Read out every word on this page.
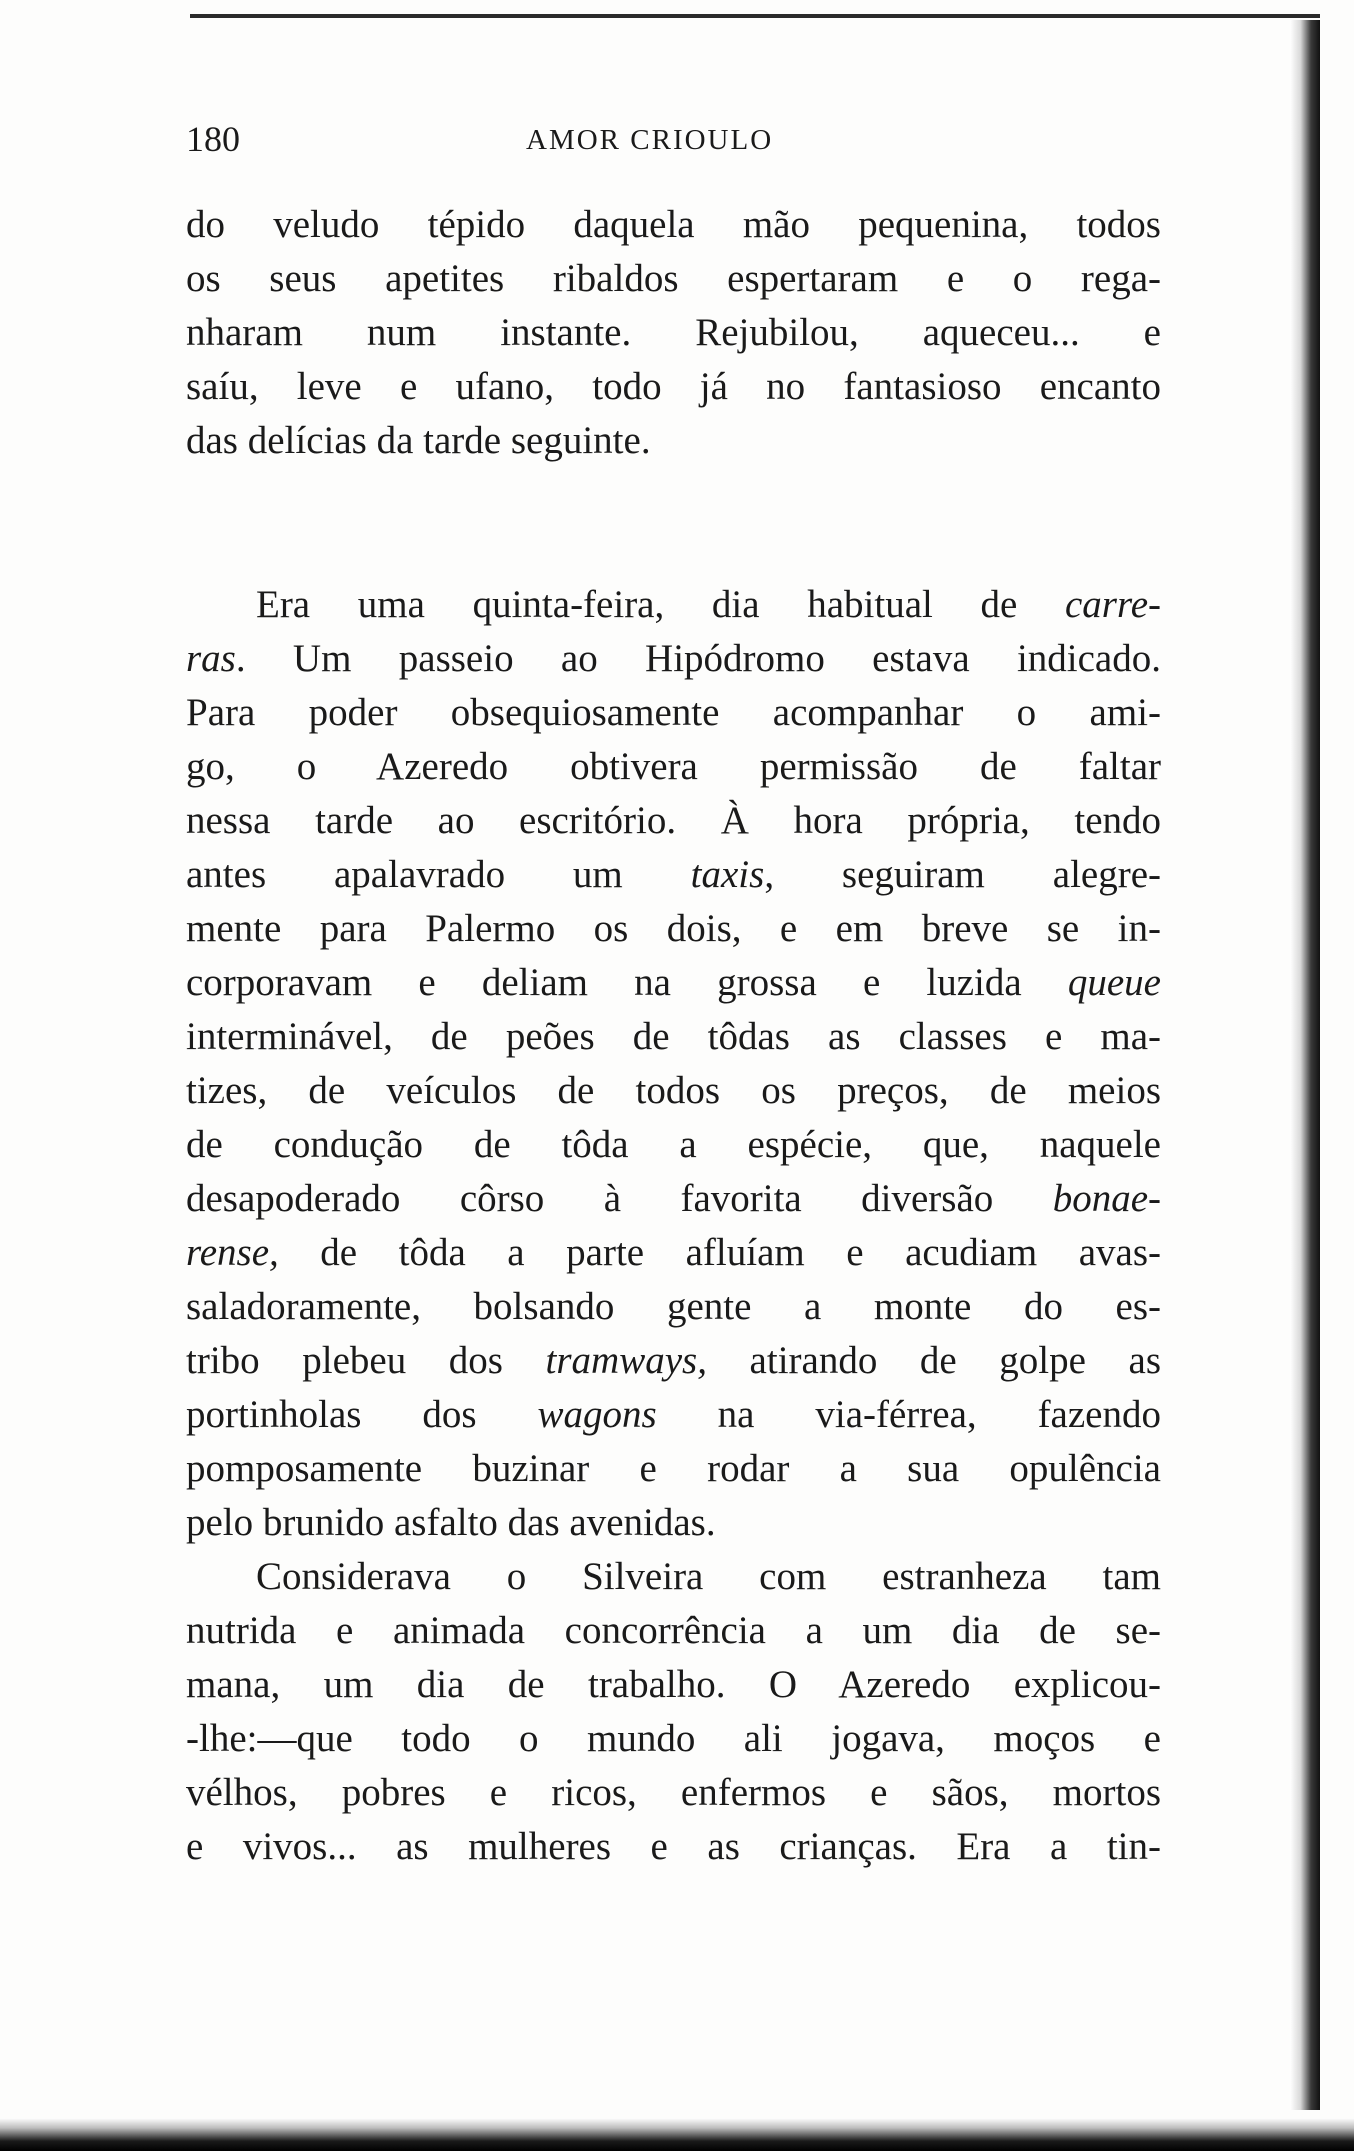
180	AMOR CRIOULO
do veludo tépido daquela mão pequenina, todos
os seus apetites ribaldos espertaram e o rega-
nharam num instante. Rejubilou, aqueceu... e
saíu, leve e ufano, todo já no fantasioso encanto
das delícias da tarde seguinte.
Era uma quinta-feira, dia habitual de carre-
ras. Um passeio ao Hipódromo estava indicado.
Para poder obsequiosamente acompanhar o ami-
go, o Azeredo obtivera permissão de faltar
nessa tarde ao escritório. À hora própria, tendo
antes apalavrado um taxis, seguiram alegre-
mente para Palermo os dois, e em breve se in-
corporavam e deliam na grossa e luzida queue
interminável, de peões de tôdas as classes e ma-
tizes, de veículos de todos os preços, de meios
de condução de tôda a espécie, que, naquele
desapoderado côrso à favorita diversão bonae-
rense, de tôda a parte afluíam e acudiam avas-
saladoramente, bolsando gente a monte do es-
tribo plebeu dos tramways, atirando de golpe as
portinholas dos wagons na via-férrea, fazendo
pomposamente buzinar e rodar a sua opulência
pelo brunido asfalto das avenidas.
Considerava o Silveira com estranheza tam
nutrida e animada concorrência a um dia de se-
mana, um dia de trabalho. O Azeredo explicou-
-lhe:—que todo o mundo ali jogava, moços e
vélhos, pobres e ricos, enfermos e sãos, mortos
e vivos... as mulheres e as crianças. Era a tin-
